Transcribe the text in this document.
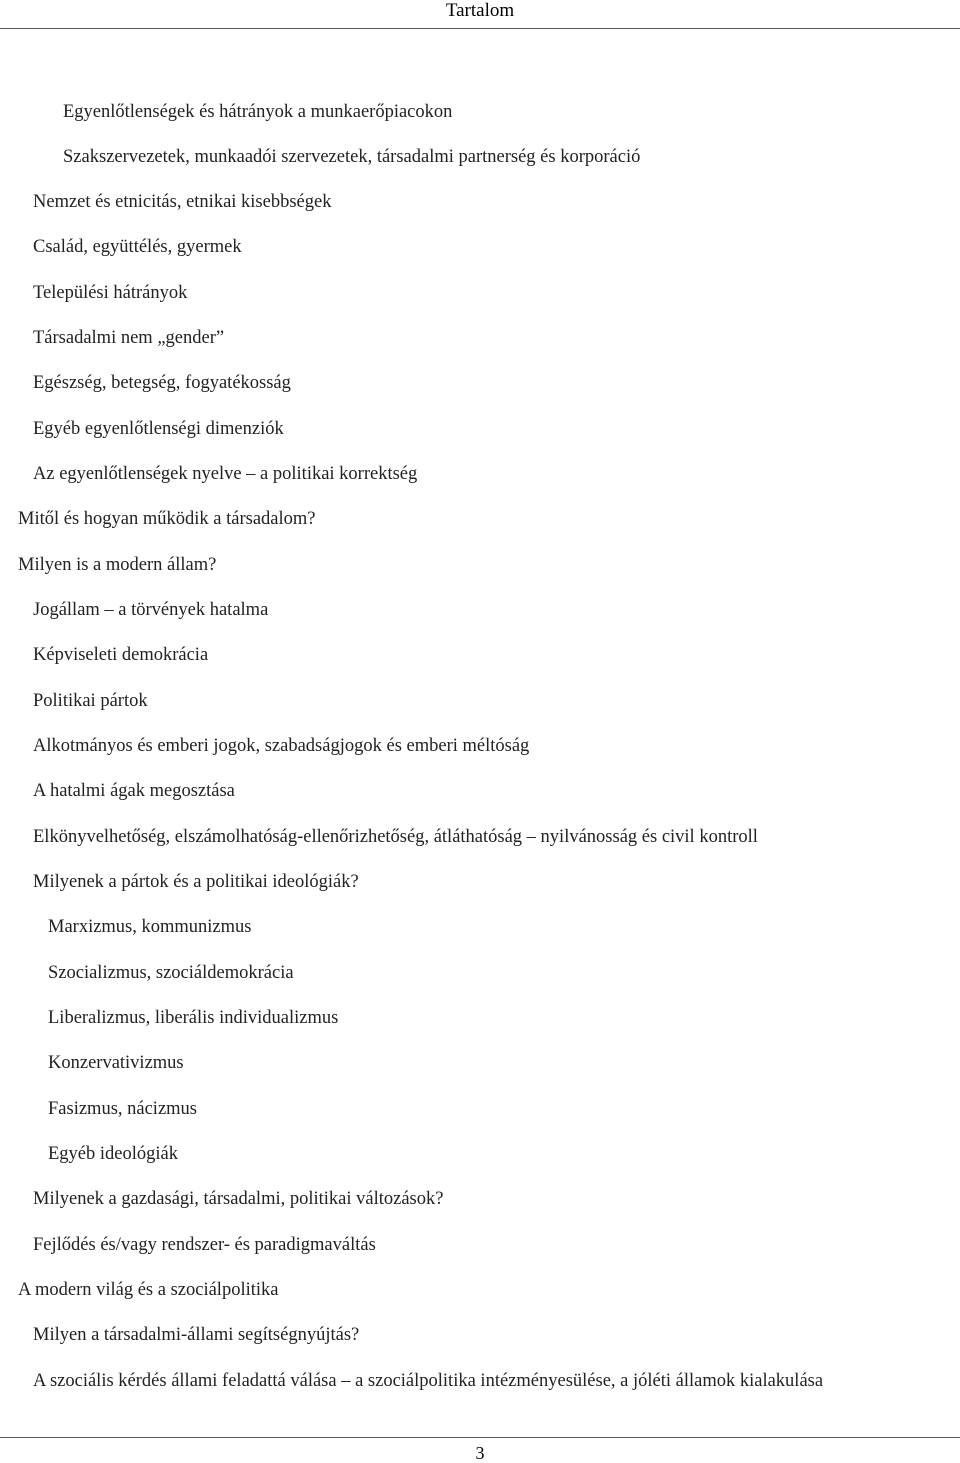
Tartalom
Egyenlőtlenségek és hátrányok a munkaerőpiacokon
Szakszervezetek, munkaadói szervezetek, társadalmi partnerség és korporáció
Nemzet és etnicitás, etnikai kisebbségek
Család, együttélés, gyermek
Települési hátrányok
Társadalmi nem „gender”
Egészség, betegség, fogyatékosság
Egyéb egyenlőtlenségi dimenziók
Az egyenlőtlenségek nyelve – a politikai korrektség
Mitől és hogyan működik a társadalom?
Milyen is a modern állam?
Jogállam – a törvények hatalma
Képviseleti demokrácia
Politikai pártok
Alkotmányos és emberi jogok, szabadságjogok és emberi méltóság
A hatalmi ágak megosztása
Elkönyvelhetőség, elszámolhatóság-ellenőrizhetőség, átláthatóság – nyilvánosság és civil kontroll
Milyenek a pártok és a politikai ideológiák?
Marxizmus, kommunizmus
Szocializmus, szociáldemokrácia
Liberalizmus, liberális individualizmus
Konzervativizmus
Fasizmus, nácizmus
Egyéb ideológiák
Milyenek a gazdasági, társadalmi, politikai változások?
Fejlődés és/vagy rendszer- és paradigmaváltás
A modern világ és a szociálpolitika
Milyen a társadalmi-állami segítségnyújtás?
A szociális kérdés állami feladattá válása – a szociálpolitika intézményesülése, a jóléti államok kialakulása
3
